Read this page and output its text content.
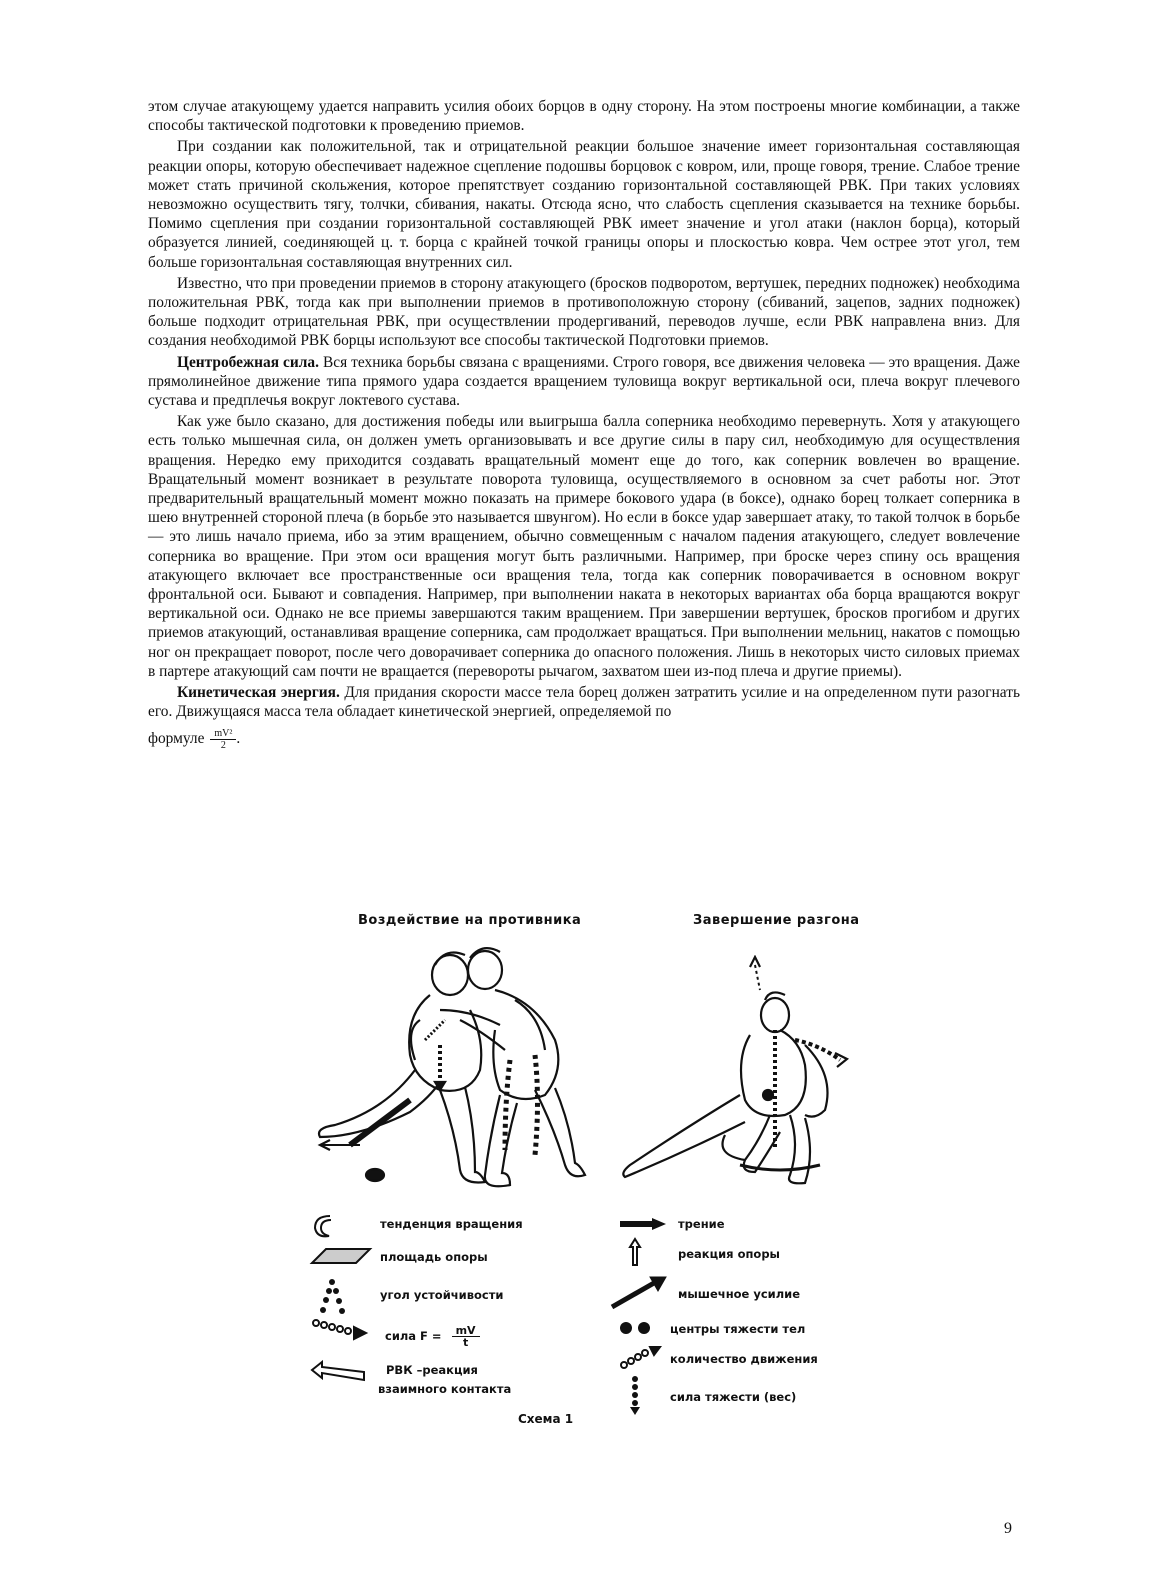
этом случае атакующему удается направить усилия обоих борцов в одну сторону. На этом построены многие комбинации, а также способы тактической подготовки к проведению приемов.

При создании как положительной, так и отрицательной реакции большое значение имеет горизонтальная составляющая реакции опоры, которую обеспечивает надежное сцепление подошвы борцовок с ковром, или, проще говоря, трение. Слабое трение может стать причиной скольжения, которое препятствует созданию горизонтальной составляющей РВК. При таких условиях невозможно осуществить тягу, толчки, сбивания, накаты. Отсюда ясно, что слабость сцепления сказывается на технике борьбы. Помимо сцепления при создании горизонтальной составляющей РВК имеет значение и угол атаки (наклон борца), который образуется линией, соединяющей ц. т. борца с крайней точкой границы опоры и плоскостью ковра. Чем острее этот угол, тем больше горизонтальная составляющая внутренних сил.

Известно, что при проведении приемов в сторону атакующего (бросков подворотом, вертушек, передних подножек) необходима положительная РВК, тогда как при выполнении приемов в противоположную сторону (сбиваний, зацепов, задних подножек) больше подходит отрицательная РВК, при осуществлении продергиваний, переводов лучше, если РВК направлена вниз. Для создания необходимой РВК борцы используют все способы тактической Подготовки приемов.

Центробежная сила. Вся техника борьбы связана с вращениями. Строго говоря, все движения человека — это вращения. Даже прямолинейное движение типа прямого удара создается вращением туловища вокруг вертикальной оси, плеча вокруг плечевого сустава и предплечья вокруг локтевого сустава.

Как уже было сказано, для достижения победы или выигрыша балла соперника необходимо перевернуть. Хотя у атакующего есть только мышечная сила, он должен уметь организовывать и все другие силы в пару сил, необходимую для осуществления вращения. Нередко ему приходится создавать вращательный момент еще до того, как соперник вовлечен во вращение. Вращательный момент возникает в результате поворота туловища, осуществляемого в основном за счет работы ног. Этот предварительный вращательный момент можно показать на примере бокового удара (в боксе), однако борец толкает соперника в шею внутренней стороной плеча (в борьбе это называется швунгом). Но если в боксе удар завершает атаку, то такой толчок в борьбе — это лишь начало приема, ибо за этим вращением, обычно совмещенным с началом падения атакующего, следует вовлечение соперника во вращение. При этом оси вращения могут быть различными. Например, при броске через спину ось вращения атакующего включает все пространственные оси вращения тела, тогда как соперник поворачивается в основном вокруг фронтальной оси. Бывают и совпадения. Например, при выполнении наката в некоторых вариантах оба борца вращаются вокруг вертикальной оси. Однако не все приемы завершаются таким вращением. При завершении вертушек, бросков прогибом и других приемов атакующий, останавливая вращение соперника, сам продолжает вращаться. При выполнении мельниц, накатов с помощью ног он прекращает поворот, после чего доворачивает соперника до опасного положения. Лишь в некоторых чисто силовых приемах в партере атакующий сам почти не вращается (перевороты рычагом, захватом шеи из-под плеча и другие приемы).

Кинетическая энергия. Для придания скорости массе тела борец должен затратить усилие и на определенном пути разогнать его. Движущаяся масса тела обладает кинетической энергией, определяемой по

формуле $\frac{\text{mV²}}{2}$ .

Воздействие на противника	Завершение разгона
тенденция вращения
площадь опоры
угол устойчивости
сила $F = \frac{mV}{t}$
РВК –реакция
взаимного контакта
трение
реакция опоры
мышечное усилие
центры тяжести тел
количество движения
сила тяжести (вес)
Схема 1
9
